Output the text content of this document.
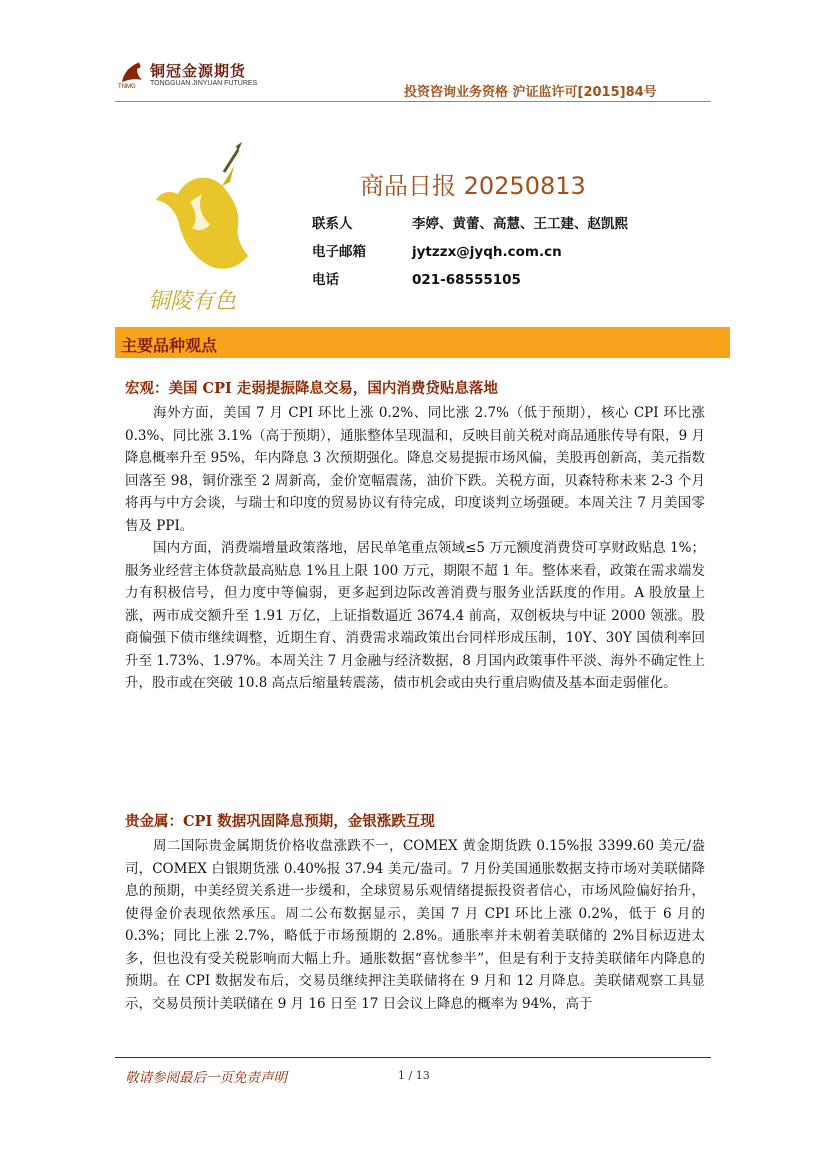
TNMG
铜冠金源期货
TONGGUAN JINYUAN FUTURES
投资咨询业务资格 沪证监许可[2015]84号
铜陵有色
商品日报 20250813
联系人	李婷、黄蕾、高慧、王工建、赵凯熙
电子邮箱	jytzzx@jyqh.com.cn
电话	021-68555105
主要品种观点
宏观：美国 CPI 走弱提振降息交易，国内消费贷贴息落地

海外方面，美国 7 月 CPI 环比上涨 0.2%、同比涨 2.7%（低于预期），核心 CPI 环比涨 0.3%、同比涨 3.1%（高于预期），通胀整体呈现温和，反映目前关税对商品通胀传导有限，9 月降息概率升至 95%，年内降息 3 次预期强化。降息交易提振市场风偏，美股再创新高，美元指数回落至 98，铜价涨至 2 周新高，金价宽幅震荡，油价下跌。关税方面，贝森特称未来 2-3 个月将再与中方会谈，与瑞士和印度的贸易协议有待完成，印度谈判立场强硬。本周关注 7 月美国零售及 PPI。

国内方面，消费端增量政策落地，居民单笔重点领域≤5 万元额度消费贷可享财政贴息 1%；服务业经营主体贷款最高贴息 1%且上限 100 万元，期限不超 1 年。整体来看，政策在需求端发力有积极信号，但力度中等偏弱，更多起到边际改善消费与服务业活跃度的作用。A 股放量上涨，两市成交额升至 1.91 万亿，上证指数逼近 3674.4 前高，双创板块与中证 2000 领涨。股商偏强下债市继续调整，近期生育、消费需求端政策出台同样形成压制，10Y、30Y 国债利率回升至 1.73%、1.97%。本周关注 7 月金融与经济数据，8 月国内政策事件平淡、海外不确定性上升，股市或在突破 10.8 高点后缩量转震荡，债市机会或由央行重启购债及基本面走弱催化。

贵金属：CPI 数据巩固降息预期，金银涨跌互现

周二国际贵金属期货价格收盘涨跌不一，COMEX 黄金期货跌 0.15%报 3399.60 美元/盎司，COMEX 白银期货涨 0.40%报 37.94 美元/盎司。7 月份美国通胀数据支持市场对美联储降息的预期，中美经贸关系进一步缓和，全球贸易乐观情绪提振投资者信心，市场风险偏好抬升，使得金价表现依然承压。周二公布数据显示，美国 7 月 CPI 环比上涨 0.2%，低于 6 月的 0.3%；同比上涨 2.7%，略低于市场预期的 2.8%。通胀率并未朝着美联储的 2%目标迈进太多，但也没有受关税影响而大幅上升。通胀数据“喜忧参半”，但是有利于支持美联储年内降息的预期。在 CPI 数据发布后，交易员继续押注美联储将在 9 月和 12 月降息。美联储观察工具显示，交易员预计美联储在 9 月 16 日至 17 日会议上降息的概率为 94%，高于

敬请参阅最后一页免责声明	1 / 13
